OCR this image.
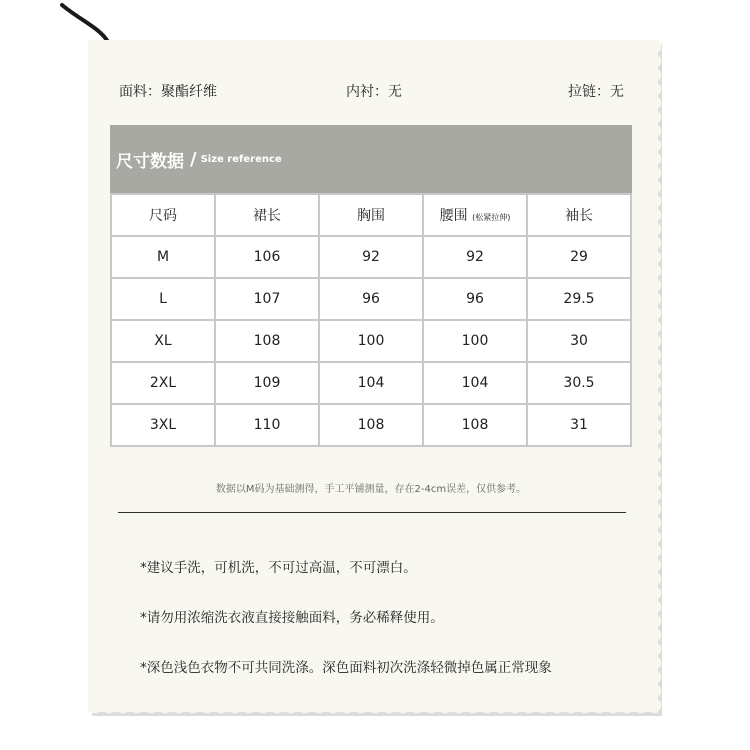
面料：聚酯纤维	内衬：无	拉链：无
尺寸数据 / Size reference
尺码	裙长	胸围	腰围 (松紧拉伸)	袖长
M	106	92	92	29
L	107	96	96	29.5
XL	108	100	100	30
2XL	109	104	104	30.5
3XL	110	108	108	31
数据以M码为基础测得，手工平铺测量，存在2-4cm误差，仅供参考。
*建议手洗，可机洗，不可过高温，不可漂白。
*请勿用浓缩洗衣液直接接触面料，务必稀释使用。
*深色浅色衣物不可共同洗涤。深色面料初次洗涤轻微掉色属正常现象
